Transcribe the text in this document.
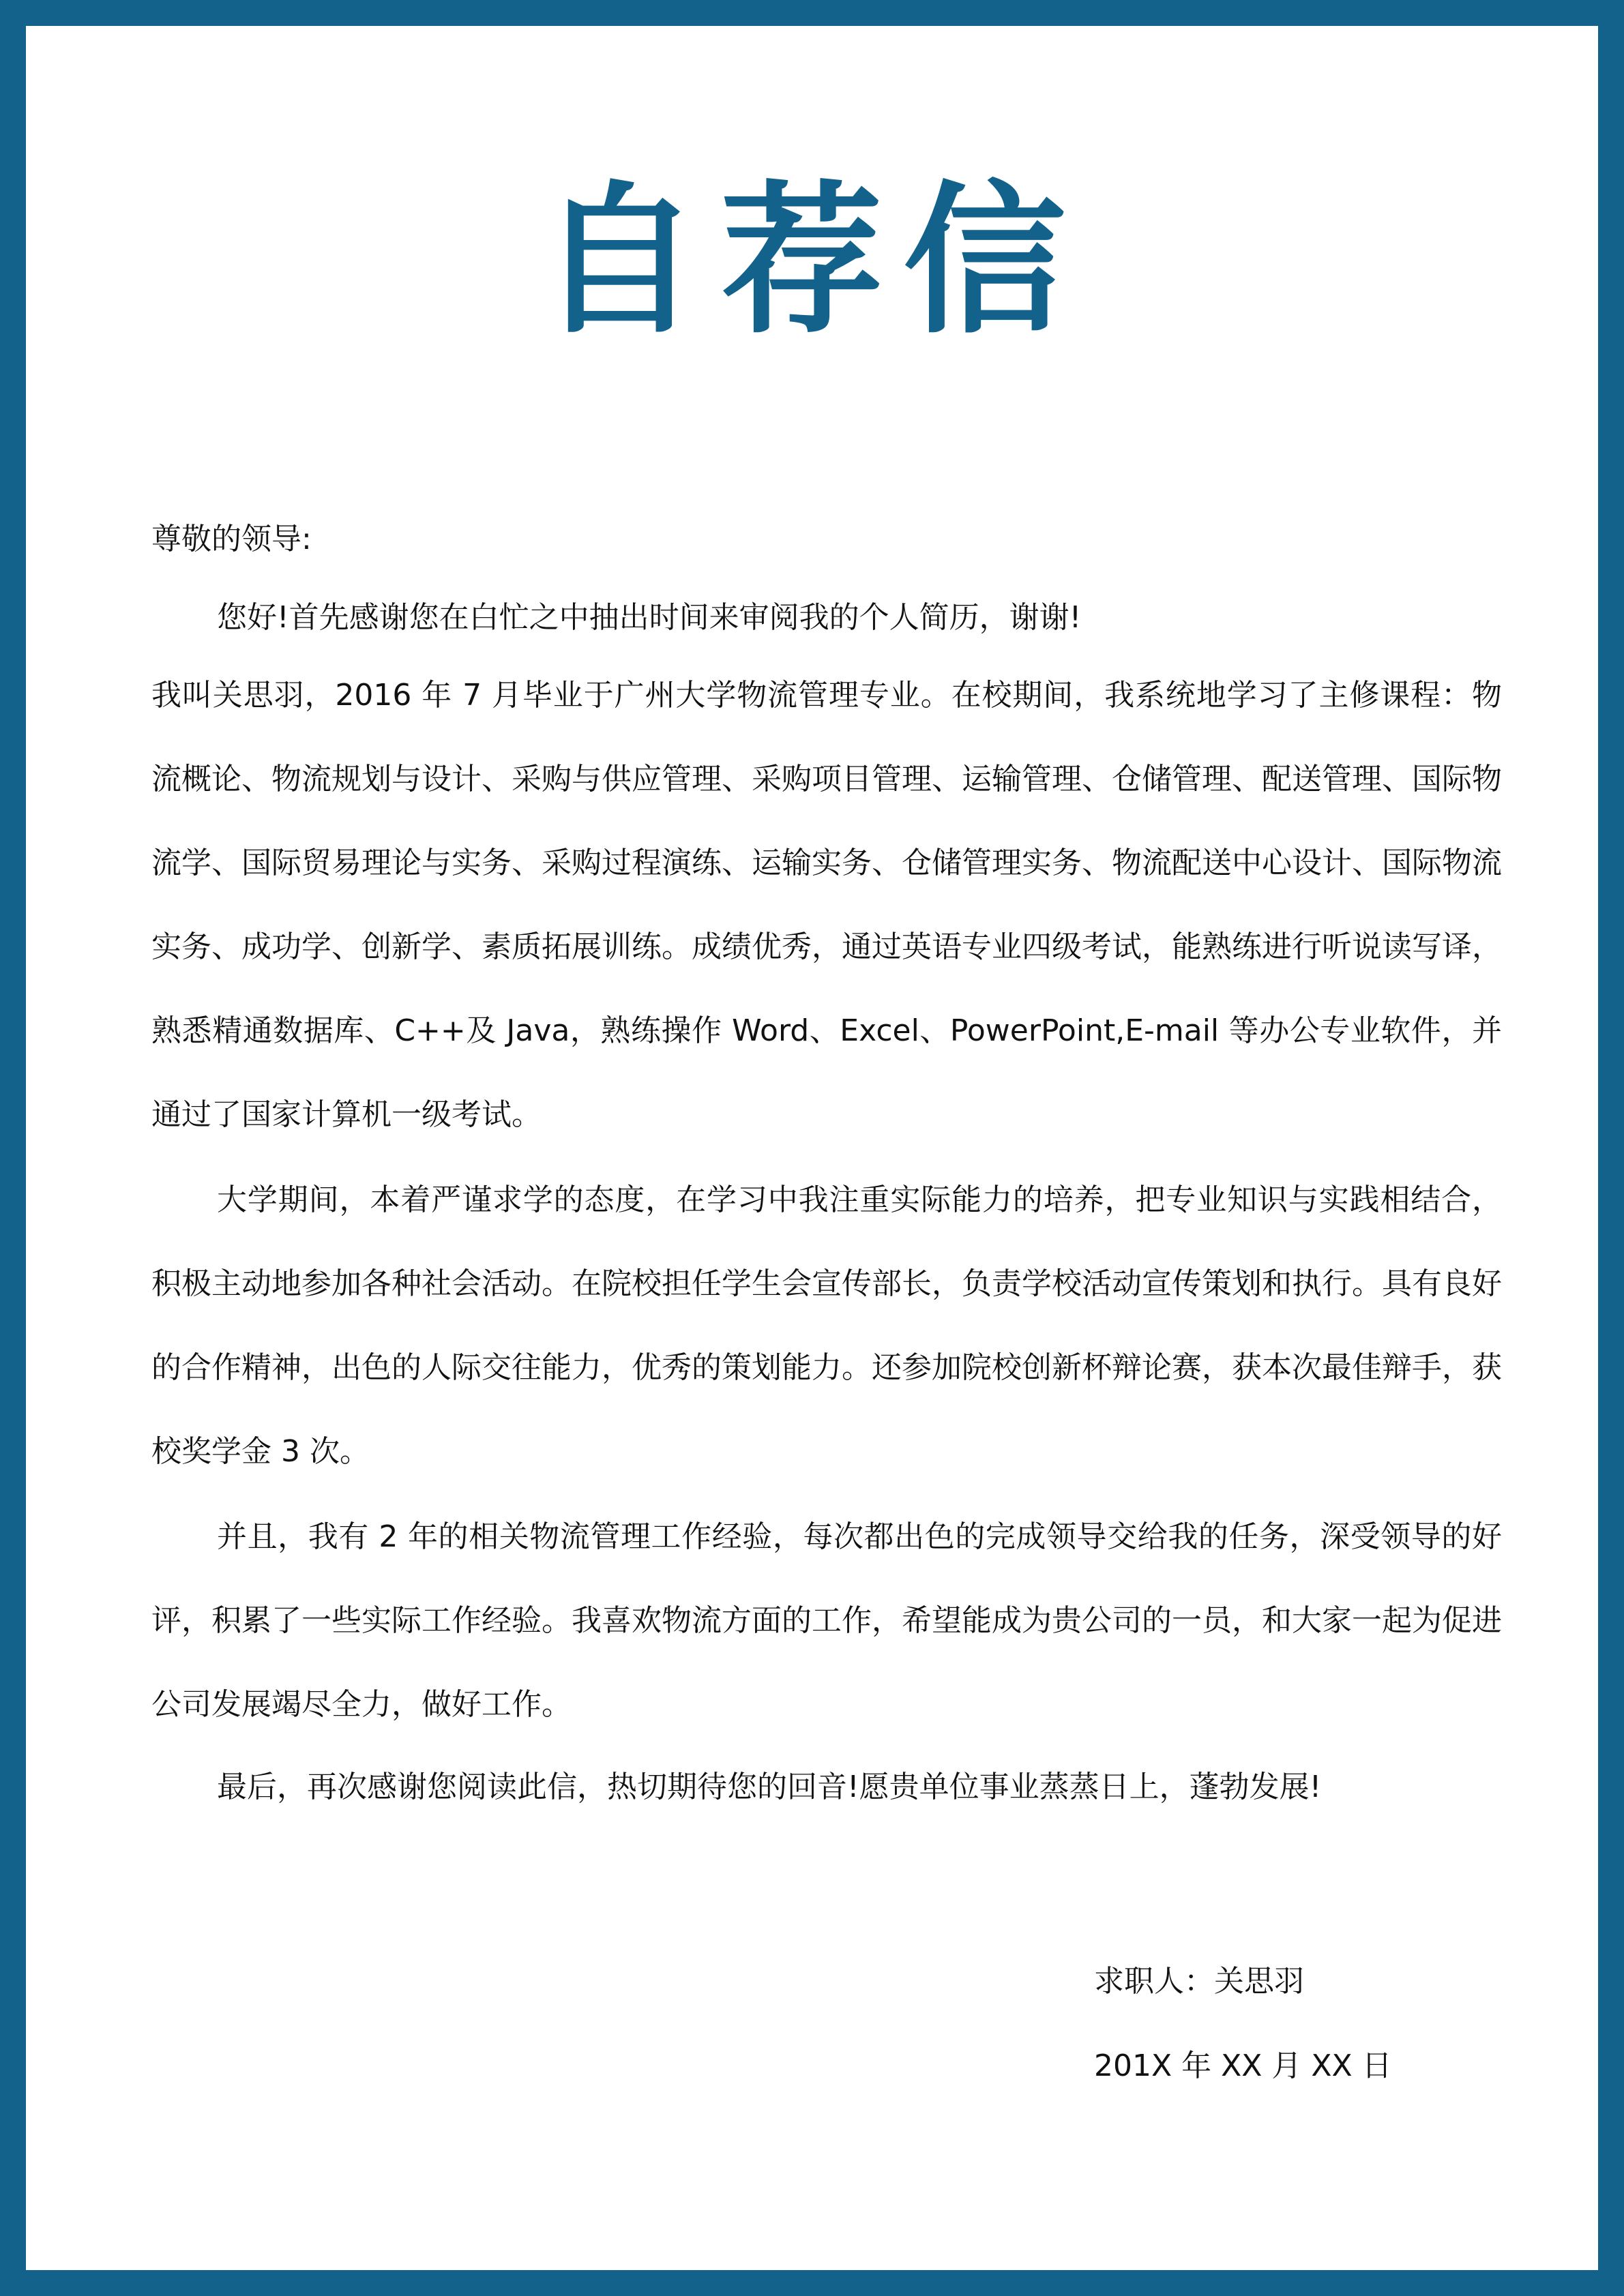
自荐信

尊敬的领导:

您好!首先感谢您在白忙之中抽出时间来审阅我的个人简历，谢谢!

我叫关思羽，2016 年 7 月毕业于广州大学物流管理专业。在校期间，我系统地学习了主修课程：物流概论、物流规划与设计、采购与供应管理、采购项目管理、运输管理、仓储管理、配送管理、国际物流学、国际贸易理论与实务、采购过程演练、运输实务、仓储管理实务、物流配送中心设计、国际物流实务、成功学、创新学、素质拓展训练。成绩优秀，通过英语专业四级考试，能熟练进行听说读写译，熟悉精通数据库、C++及 Java，熟练操作 Word、Excel、PowerPoint,E-mail 等办公专业软件，并通过了国家计算机一级考试。

大学期间，本着严谨求学的态度，在学习中我注重实际能力的培养，把专业知识与实践相结合，积极主动地参加各种社会活动。在院校担任学生会宣传部长，负责学校活动宣传策划和执行。具有良好的合作精神，出色的人际交往能力，优秀的策划能力。还参加院校创新杯辩论赛，获本次最佳辩手，获校奖学金 3 次。

并且，我有 2 年的相关物流管理工作经验，每次都出色的完成领导交给我的任务，深受领导的好评，积累了一些实际工作经验。我喜欢物流方面的工作，希望能成为贵公司的一员，和大家一起为促进公司发展竭尽全力，做好工作。

最后，再次感谢您阅读此信，热切期待您的回音!愿贵单位事业蒸蒸日上，蓬勃发展!

求职人：关思羽
201X 年 XX 月 XX 日
